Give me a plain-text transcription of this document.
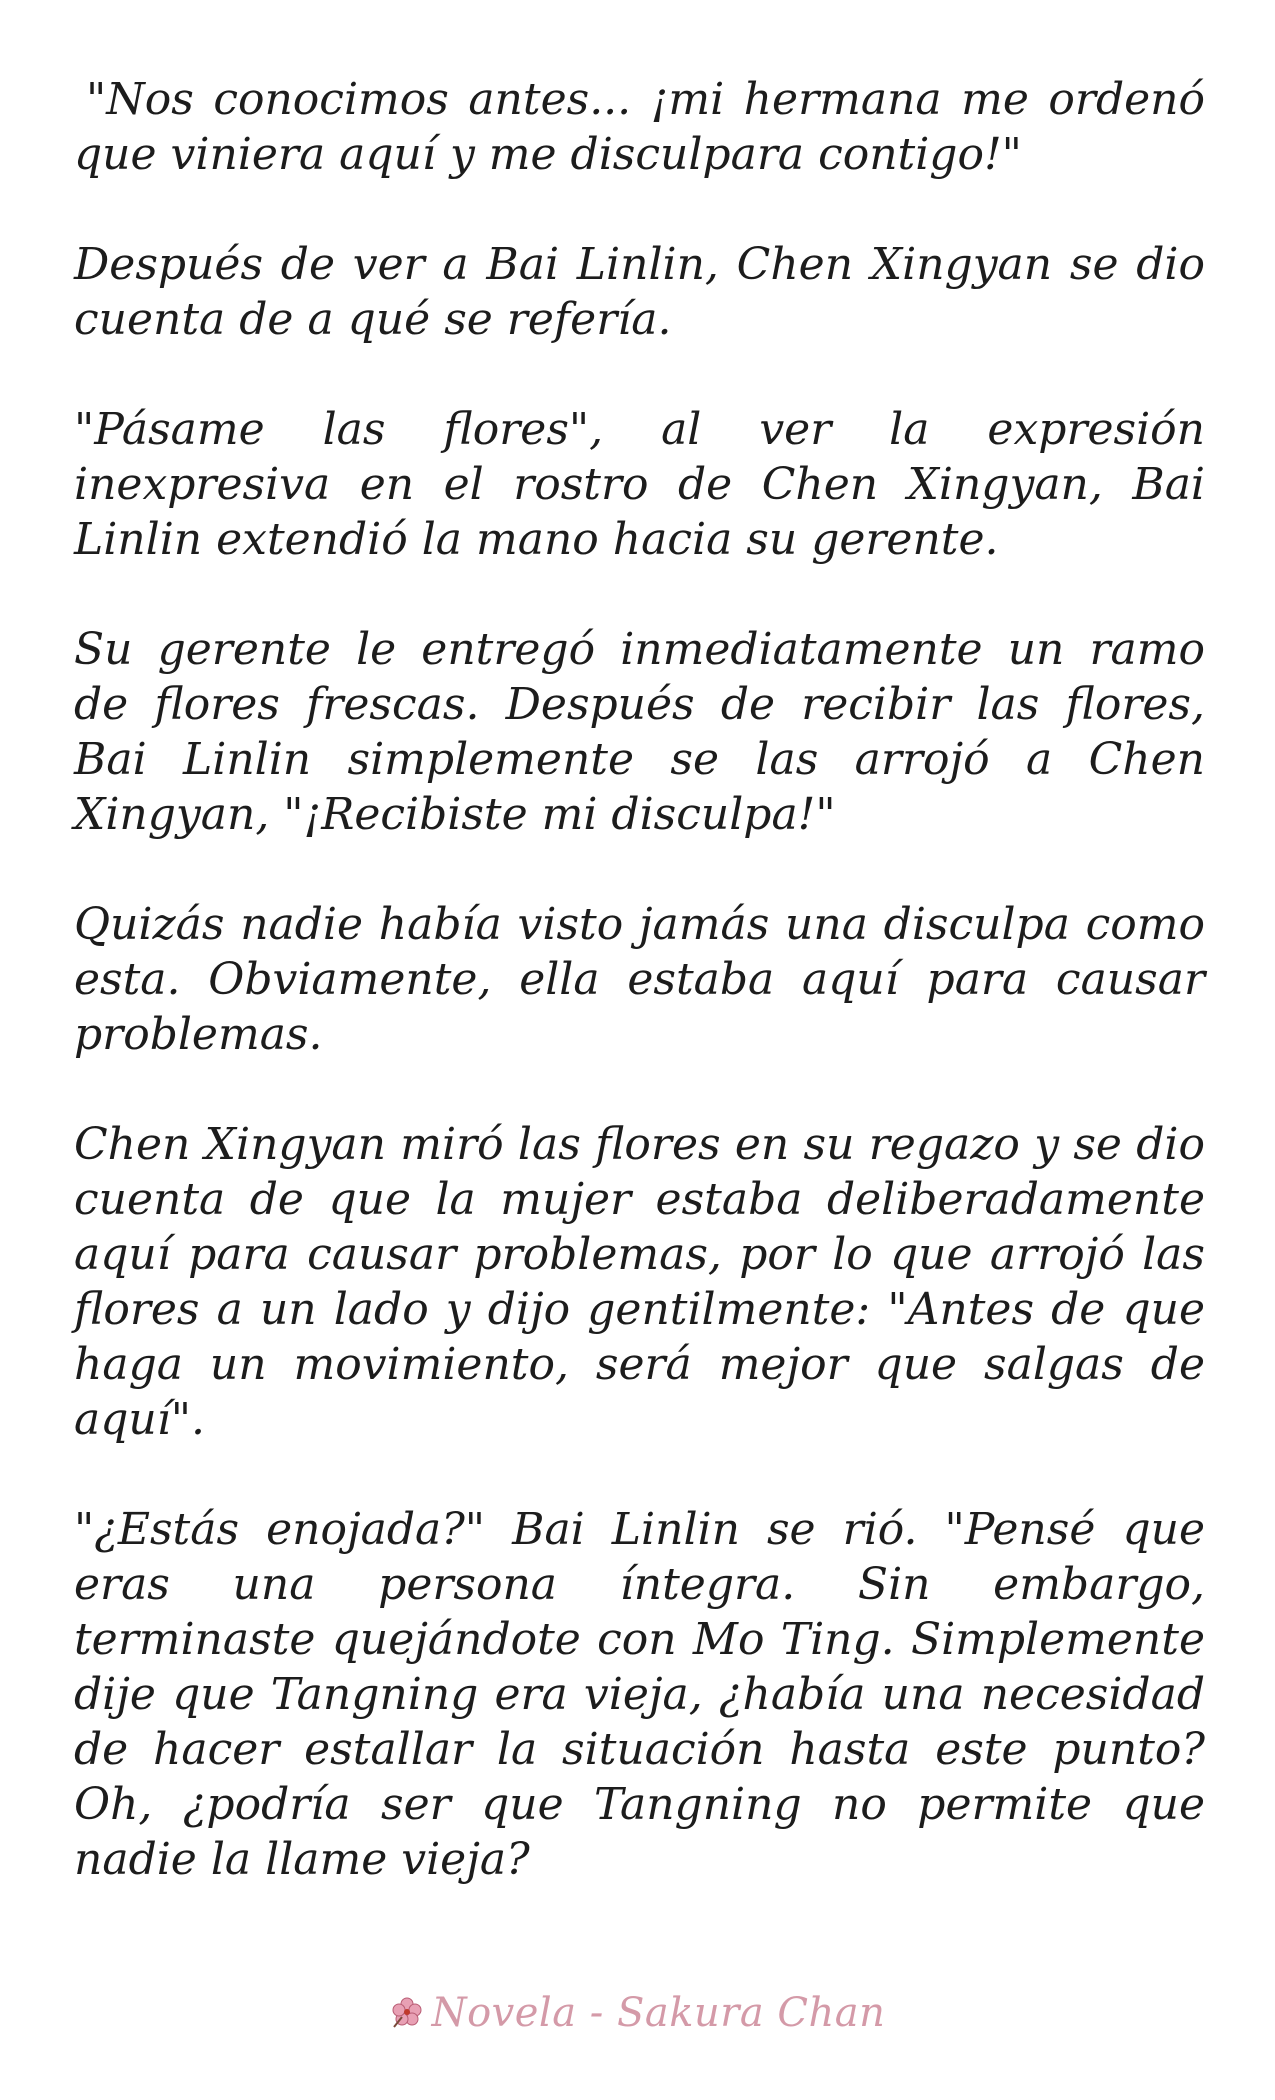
"Nos conocimos antes... ¡mi hermana me ordenó que viniera aquí y me disculpara contigo!"

Después de ver a Bai Linlin, Chen Xingyan se dio cuenta de a qué se refería.

"Pásame las flores", al ver la expresión inexpresiva en el rostro de Chen Xingyan, Bai Linlin extendió la mano hacia su gerente.

Su gerente le entregó inmediatamente un ramo de flores frescas. Después de recibir las flores, Bai Linlin simplemente se las arrojó a Chen Xingyan, "¡Recibiste mi disculpa!"

Quizás nadie había visto jamás una disculpa como esta. Obviamente, ella estaba aquí para causar problemas.

Chen Xingyan miró las flores en su regazo y se dio cuenta de que la mujer estaba deliberadamente aquí para causar problemas, por lo que arrojó las flores a un lado y dijo gentilmente: "Antes de que haga un movimiento, será mejor que salgas de aquí".

"¿Estás enojada?" Bai Linlin se rió. "Pensé que eras una persona íntegra. Sin embargo, terminaste quejándote con Mo Ting. Simplemente dije que Tangning era vieja, ¿había una necesidad de hacer estallar la situación hasta este punto? Oh, ¿podría ser que Tangning no permite que nadie la llame vieja?

Novela - Sakura Chan
